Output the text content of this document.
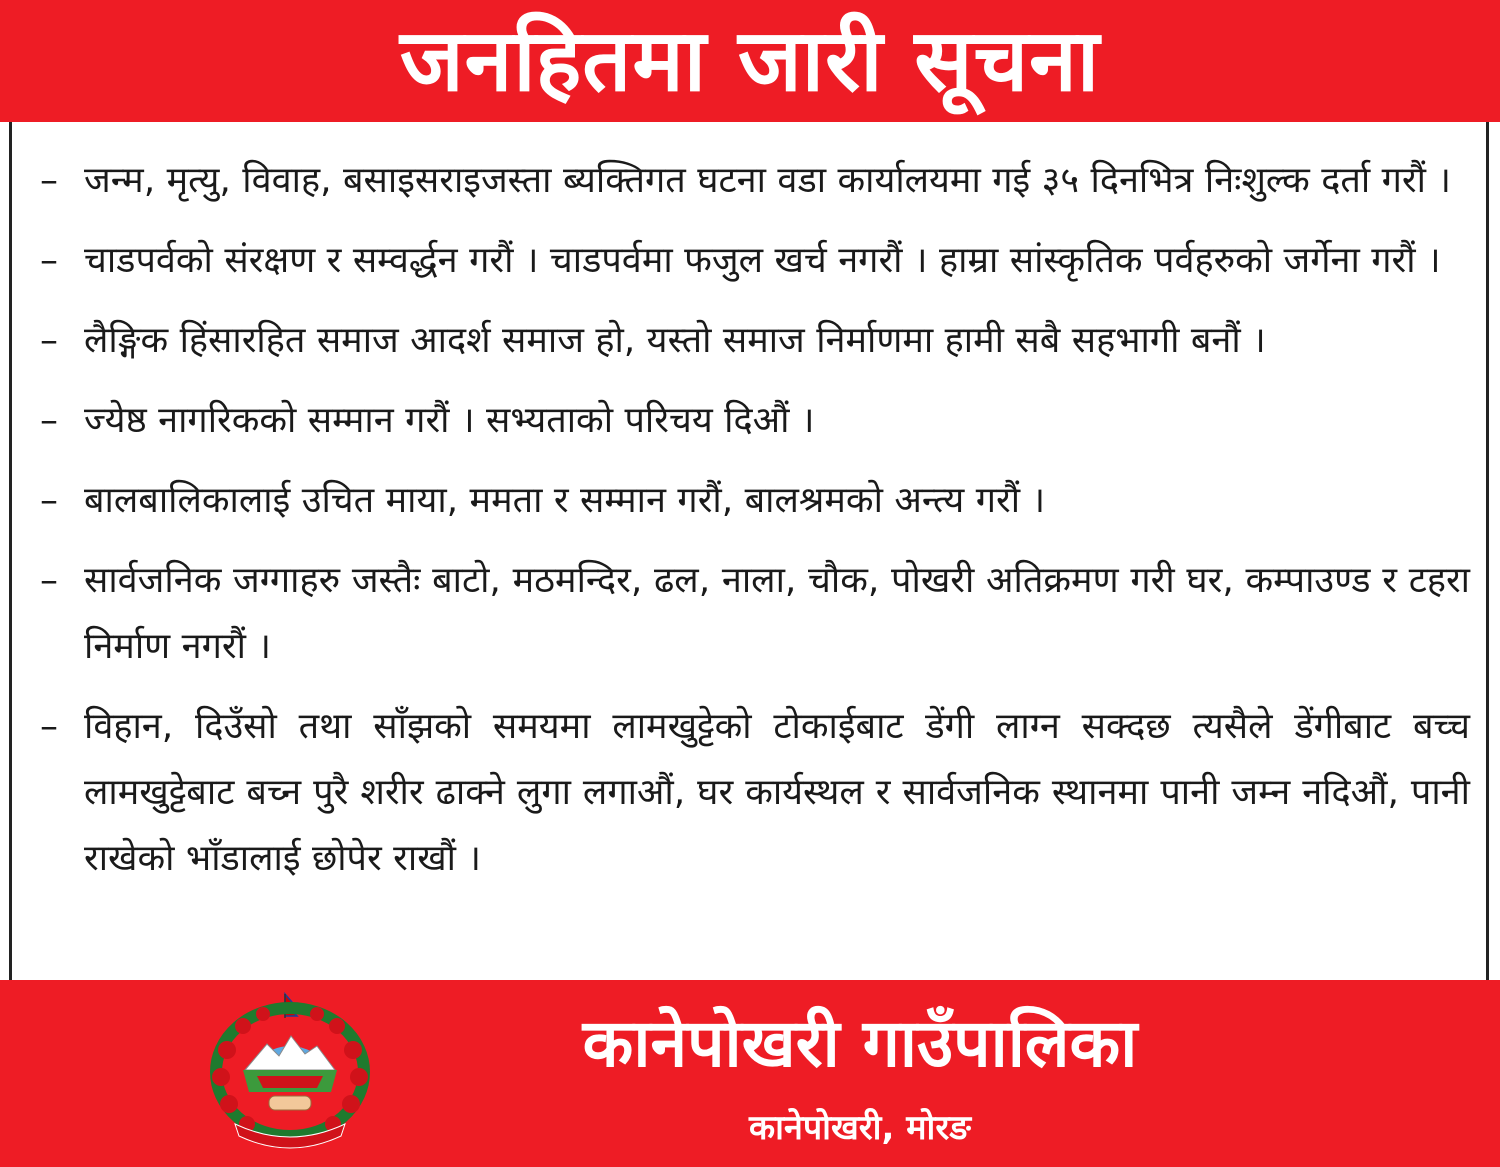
जनहितमा जारी सूचना
– जन्म, मृत्यु, विवाह, बसाइसराइजस्ता ब्यक्तिगत घटना वडा कार्यालयमा गई ३५ दिनभित्र निःशुल्क दर्ता गरौं ।
– चाडपर्वको संरक्षण र सम्वर्द्धन गरौं । चाडपर्वमा फजुल खर्च नगरौं । हाम्रा सांस्कृतिक पर्वहरुको जर्गेना गरौं ।
– लैङ्गिक हिंसारहित समाज आदर्श समाज हो, यस्तो समाज निर्माणमा हामी सबै सहभागी बनौं ।
– ज्येष्ठ नागरिकको सम्मान गरौं । सभ्यताको परिचय दिऔं ।
– बालबालिकालाई उचित माया, ममता र सम्मान गरौं, बालश्रमको अन्त्य गरौं ।
– सार्वजनिक जग्गाहरु जस्तैः बाटो, मठमन्दिर, ढल, नाला, चौक, पोखरी अतिक्रमण गरी घर, कम्पाउण्ड र टहरा निर्माण नगरौं ।
– विहान, दिउँसो तथा साँझको समयमा लामखुट्टेको टोकाईबाट डेंगी लाग्न सक्दछ त्यसैले डेंगीबाट बच्च लामखुट्टेबाट बच्न पुरै शरीर ढाक्ने लुगा लगाऔं, घर कार्यस्थल र सार्वजनिक स्थानमा पानी जम्न नदिऔं, पानी राखेको भाँडालाई छोपेर राखौं ।
कानेपोखरी गाउँपालिका
कानेपोखरी, मोरङ
